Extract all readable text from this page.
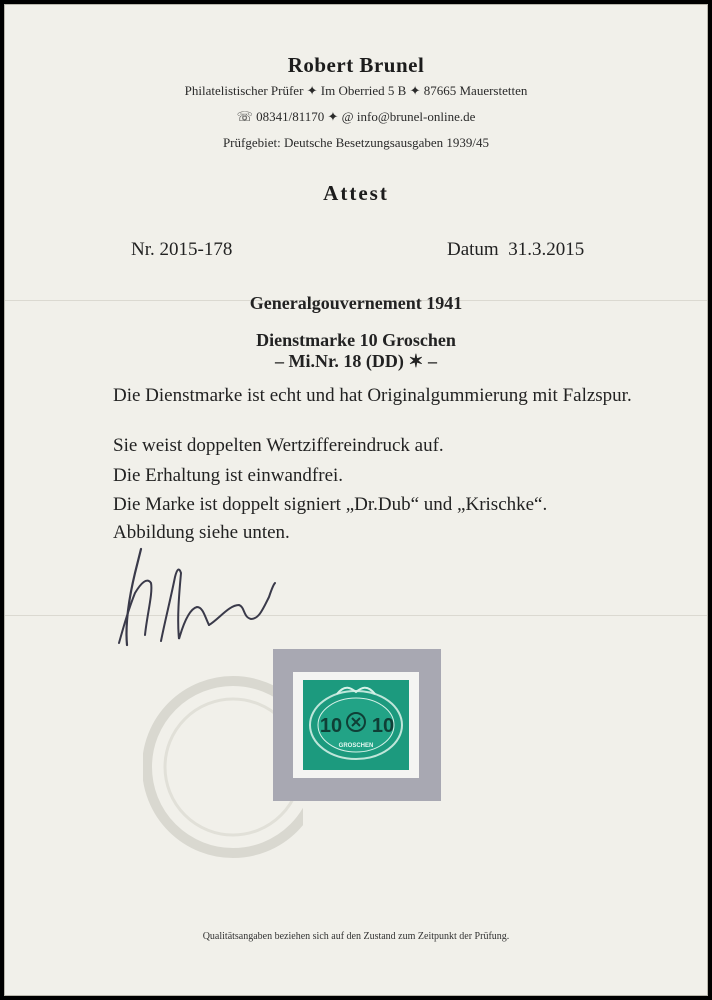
Robert Brunel
Philatelistischer Prüfer ✦ Im Oberried 5 B ✦ 87665 Mauerstetten
☏ 08341/81170 ✦ @ info@brunel-online.de
Prüfgebiet: Deutsche Besetzungsausgaben 1939/45
Attest
Nr. 2015-178	Datum  31.3.2015
Generalgouvernement 1941
Dienstmarke 10 Groschen
– Mi.Nr. 18 (DD) ✶ –
Die Dienstmarke ist echt und hat Originalgummierung mit Falzspur.
Sie weist doppelten Wertziffereindruck auf.
Die Erhaltung ist einwandfrei.
Die Marke ist doppelt signiert „Dr.Dub“ und „Krischke“.
Abbildung siehe unten.
10 10
GROSCHEN
Qualitätsangaben beziehen sich auf den Zustand zum Zeitpunkt der Prüfung.
